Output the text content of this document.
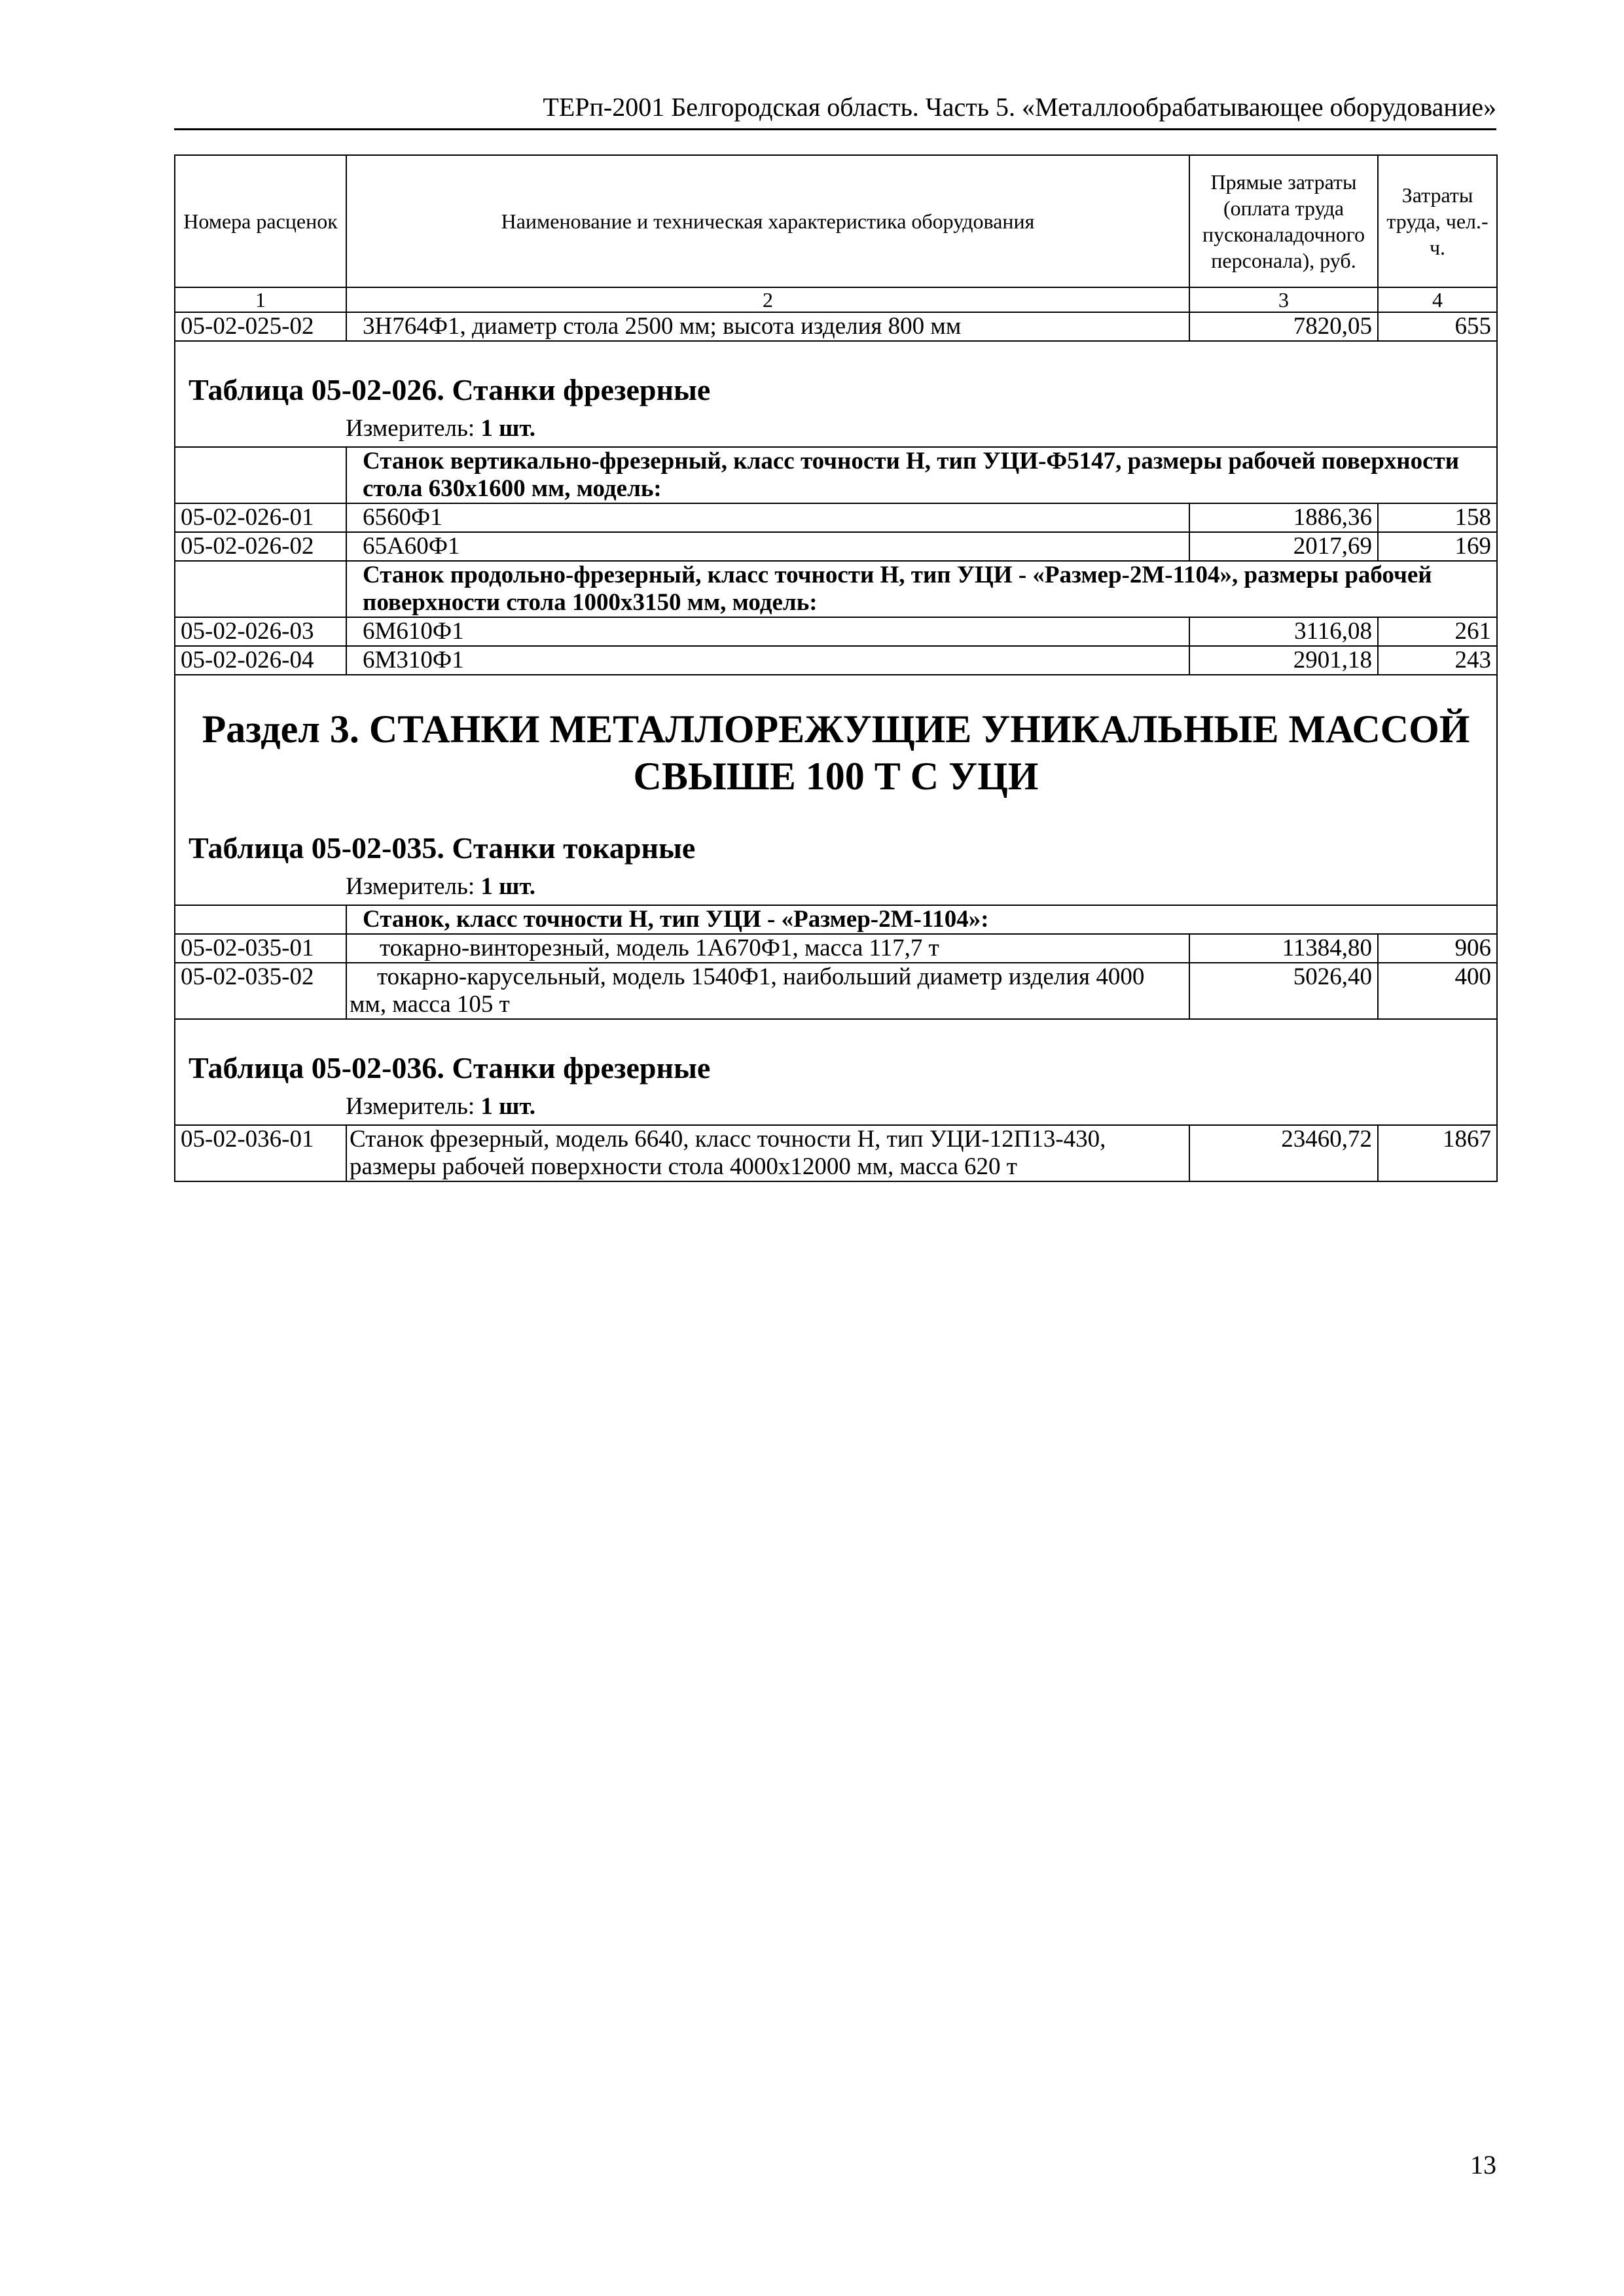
ТЕРп-2001 Белгородская область. Часть 5. «Металлообрабатывающее оборудование»
Номера расценок	Наименование и техническая характеристика оборудования	Прямые затраты (оплата труда пусконаладочного персонала), руб.	Затраты труда, чел.-ч.
1	2	3	4
05-02-025-02	3Н764Ф1, диаметр стола 2500 мм; высота изделия 800 мм	7820,05	655

Таблица 05-02-026. Станки фрезерные
Измеритель: 1 шт.			

	Станок вертикально-фрезерный, класс точности Н, тип УЦИ-Ф5147, размеры рабочей поверхности стола 630х1600 мм, модель:		
05-02-026-01	6560Ф1	1886,36	158
05-02-026-02	65А60Ф1	2017,69	169
	Станок продольно-фрезерный, класс точности Н, тип УЦИ - «Размер-2М-1104», размеры рабочей поверхности стола 1000х3150 мм, модель:		
05-02-026-03	6М610Ф1	3116,08	261
05-02-026-04	6М310Ф1	2901,18	243

Раздел 3. СТАНКИ МЕТАЛЛОРЕЖУЩИЕ УНИКАЛЬНЫЕ МАССОЙ
СВЫШЕ 100 Т С УЦИ
Таблица 05-02-035. Станки токарные
Измеритель: 1 шт.			

	Станок, класс точности Н, тип УЦИ - «Размер-2М-1104»:		
05-02-035-01	токарно-винторезный, модель 1А670Ф1, масса 117,7 т	11384,80	906
05-02-035-02	токарно-карусельный, модель 1540Ф1, наибольший диаметр изделия 4000 мм, масса 105 т	5026,40	400

Таблица 05-02-036. Станки фрезерные
Измеритель: 1 шт.			

05-02-036-01	Станок фрезерный, модель 6640, класс точности Н, тип УЦИ-12П13-430, размеры рабочей поверхности стола 4000х12000 мм, масса 620 т	23460,72	1867
13
